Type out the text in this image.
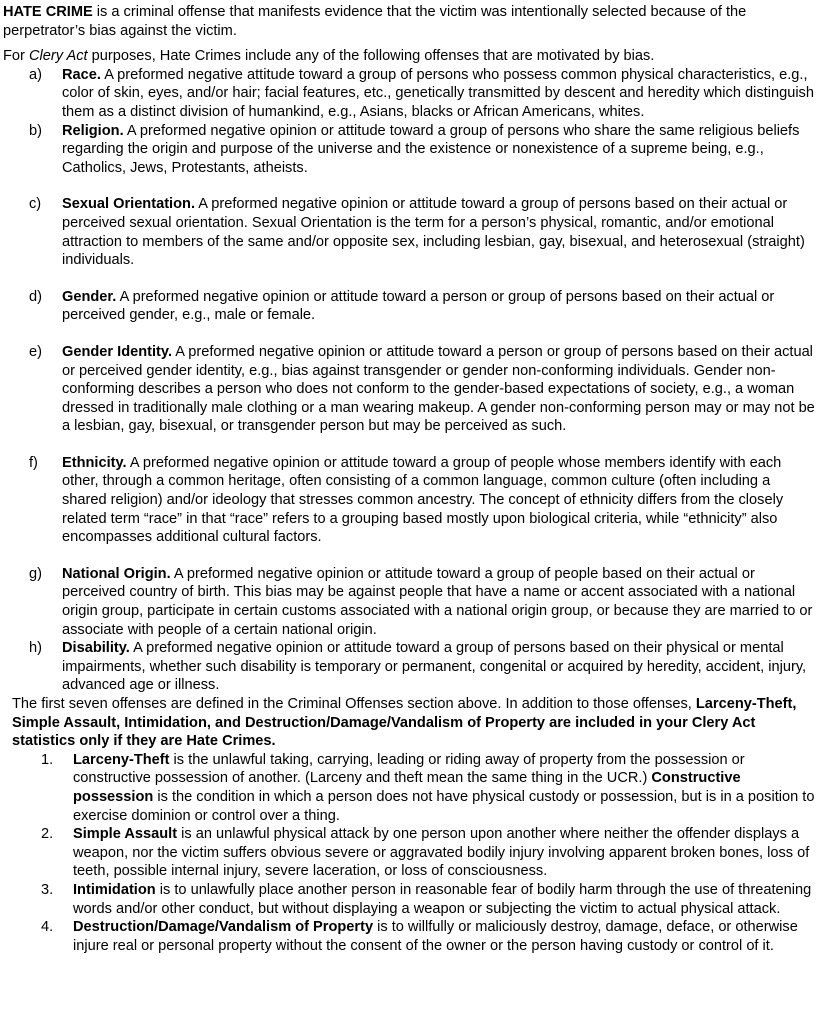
HATE CRIME is a criminal offense that manifests evidence that the victim was intentionally selected because of the perpetrator’s bias against the victim.

For Clery Act purposes, Hate Crimes include any of the following offenses that are motivated by bias.

a)	Race. A preformed negative attitude toward a group of persons who possess common physical characteristics, e.g., color of skin, eyes, and/or hair; facial features, etc., genetically transmitted by descent and heredity which distinguish them as a distinct division of humankind, e.g., Asians, blacks or African Americans, whites.
b)	Religion. A preformed negative opinion or attitude toward a group of persons who share the same religious beliefs regarding the origin and purpose of the universe and the existence or nonexistence of a supreme being, e.g., Catholics, Jews, Protestants, atheists.
c)	Sexual Orientation. A preformed negative opinion or attitude toward a group of persons based on their actual or perceived sexual orientation. Sexual Orientation is the term for a person’s physical, romantic, and/or emotional attraction to members of the same and/or opposite sex, including lesbian, gay, bisexual, and heterosexual (straight) individuals.
d)	Gender. A preformed negative opinion or attitude toward a person or group of persons based on their actual or perceived gender, e.g., male or female.
e)	Gender Identity. A preformed negative opinion or attitude toward a person or group of persons based on their actual or perceived gender identity, e.g., bias against transgender or gender non-conforming individuals. Gender non-conforming describes a person who does not conform to the gender-based expectations of society, e.g., a woman dressed in traditionally male clothing or a man wearing makeup. A gender non-conforming person may or may not be a lesbian, gay, bisexual, or transgender person but may be perceived as such.
f)	Ethnicity. A preformed negative opinion or attitude toward a group of people whose members identify with each other, through a common heritage, often consisting of a common language, common culture (often including a shared religion) and/or ideology that stresses common ancestry. The concept of ethnicity differs from the closely related term “race” in that “race” refers to a grouping based mostly upon biological criteria, while “ethnicity” also encompasses additional cultural factors.
g)	National Origin. A preformed negative opinion or attitude toward a group of people based on their actual or perceived country of birth. This bias may be against people that have a name or accent associated with a national origin group, participate in certain customs associated with a national origin group, or because they are married to or associate with people of a certain national origin.
h)	Disability. A preformed negative opinion or attitude toward a group of persons based on their physical or mental impairments, whether such disability is temporary or permanent, congenital or acquired by heredity, accident, injury, advanced age or illness.

The first seven offenses are defined in the Criminal Offenses section above. In addition to those offenses, Larceny-Theft, Simple Assault, Intimidation, and Destruction/Damage/Vandalism of Property are included in your Clery Act statistics only if they are Hate Crimes.

1.	Larceny-Theft is the unlawful taking, carrying, leading or riding away of property from the possession or constructive possession of another. (Larceny and theft mean the same thing in the UCR.) Constructive possession is the condition in which a person does not have physical custody or possession, but is in a position to exercise dominion or control over a thing.
2.	Simple Assault is an unlawful physical attack by one person upon another where neither the offender displays a weapon, nor the victim suffers obvious severe or aggravated bodily injury involving apparent broken bones, loss of teeth, possible internal injury, severe laceration, or loss of consciousness.
3.	Intimidation is to unlawfully place another person in reasonable fear of bodily harm through the use of threatening words and/or other conduct, but without displaying a weapon or subjecting the victim to actual physical attack.
4.	Destruction/Damage/Vandalism of Property is to willfully or maliciously destroy, damage, deface, or otherwise injure real or personal property without the consent of the owner or the person having custody or control of it.
